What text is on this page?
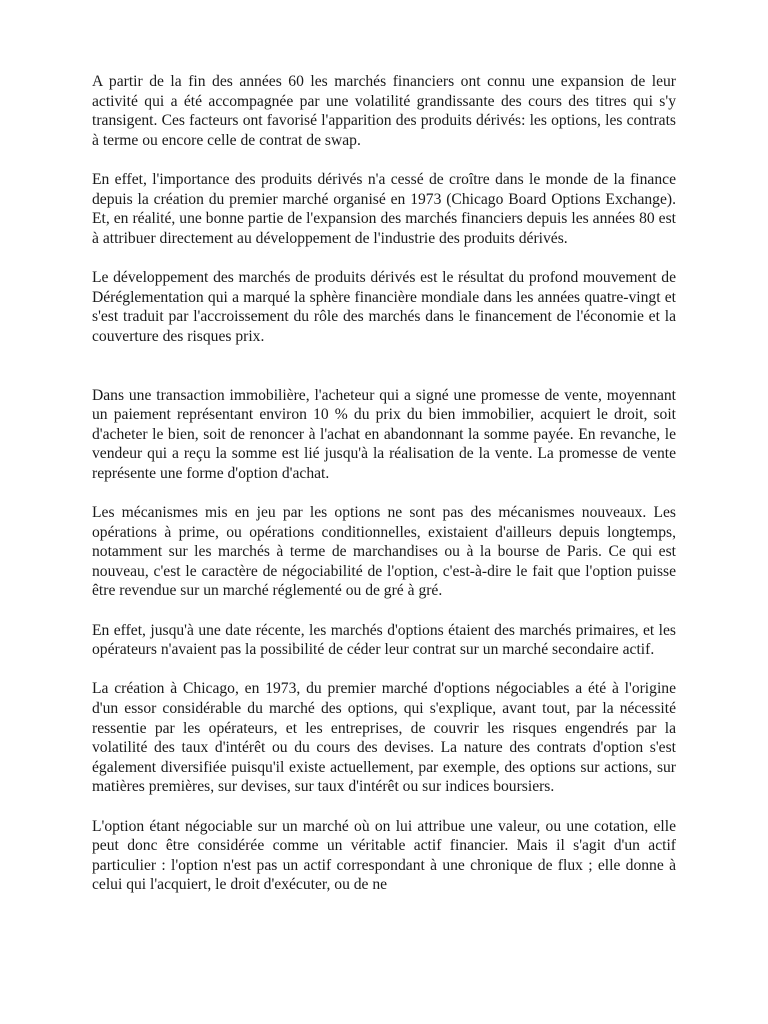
A partir de la fin des années 60 les marchés financiers ont connu une expansion de leur activité qui a été accompagnée par une volatilité grandissante des cours des titres qui s'y transigent. Ces facteurs ont favorisé l'apparition des produits dérivés: les options, les contrats à terme ou encore celle de contrat de swap.

En effet, l'importance des produits dérivés n'a cessé de croître dans le monde de la finance depuis la création du premier marché organisé en 1973 (Chicago Board Options Exchange). Et, en réalité, une bonne partie de l'expansion des marchés financiers depuis les années 80 est à attribuer directement au développement de l'industrie des produits dérivés.

Le développement des marchés de produits dérivés est le résultat du profond mouvement de Déréglementation qui a marqué la sphère financière mondiale dans les années quatre-vingt et s'est traduit par l'accroissement du rôle des marchés dans le financement de l'économie et la couverture des risques prix.

Dans une transaction immobilière, l'acheteur qui a signé une promesse de vente, moyennant un paiement représentant environ 10 % du prix du bien immobilier, acquiert le droit, soit d'acheter le bien, soit de renoncer à l'achat en abandonnant la somme payée. En revanche, le vendeur qui a reçu la somme est lié jusqu'à la réalisation de la vente. La promesse de vente représente une forme d'option d'achat.

Les mécanismes mis en jeu par les options ne sont pas des mécanismes nouveaux. Les opérations à prime, ou opérations conditionnelles, existaient d'ailleurs depuis longtemps, notamment sur les marchés à terme de marchandises ou à la bourse de Paris. Ce qui est nouveau, c'est le caractère de négociabilité de l'option, c'est-à-dire le fait que l'option puisse être revendue sur un marché réglementé ou de gré à gré.

En effet, jusqu'à une date récente, les marchés d'options étaient des marchés primaires, et les opérateurs n'avaient pas la possibilité de céder leur contrat sur un marché secondaire actif.

La création à Chicago, en 1973, du premier marché d'options négociables a été à l'origine d'un essor considérable du marché des options, qui s'explique, avant tout, par la nécessité ressentie par les opérateurs, et les entreprises, de couvrir les risques engendrés par la volatilité des taux d'intérêt ou du cours des devises. La nature des contrats d'option s'est également diversifiée puisqu'il existe actuellement, par exemple, des options sur actions, sur matières premières, sur devises, sur taux d'intérêt ou sur indices boursiers.

L'option étant négociable sur un marché où on lui attribue une valeur, ou une cotation, elle peut donc être considérée comme un véritable actif financier. Mais il s'agit d'un actif particulier : l'option n'est pas un actif correspondant à une chronique de flux ; elle donne à celui qui l'acquiert, le droit d'exécuter, ou de ne
